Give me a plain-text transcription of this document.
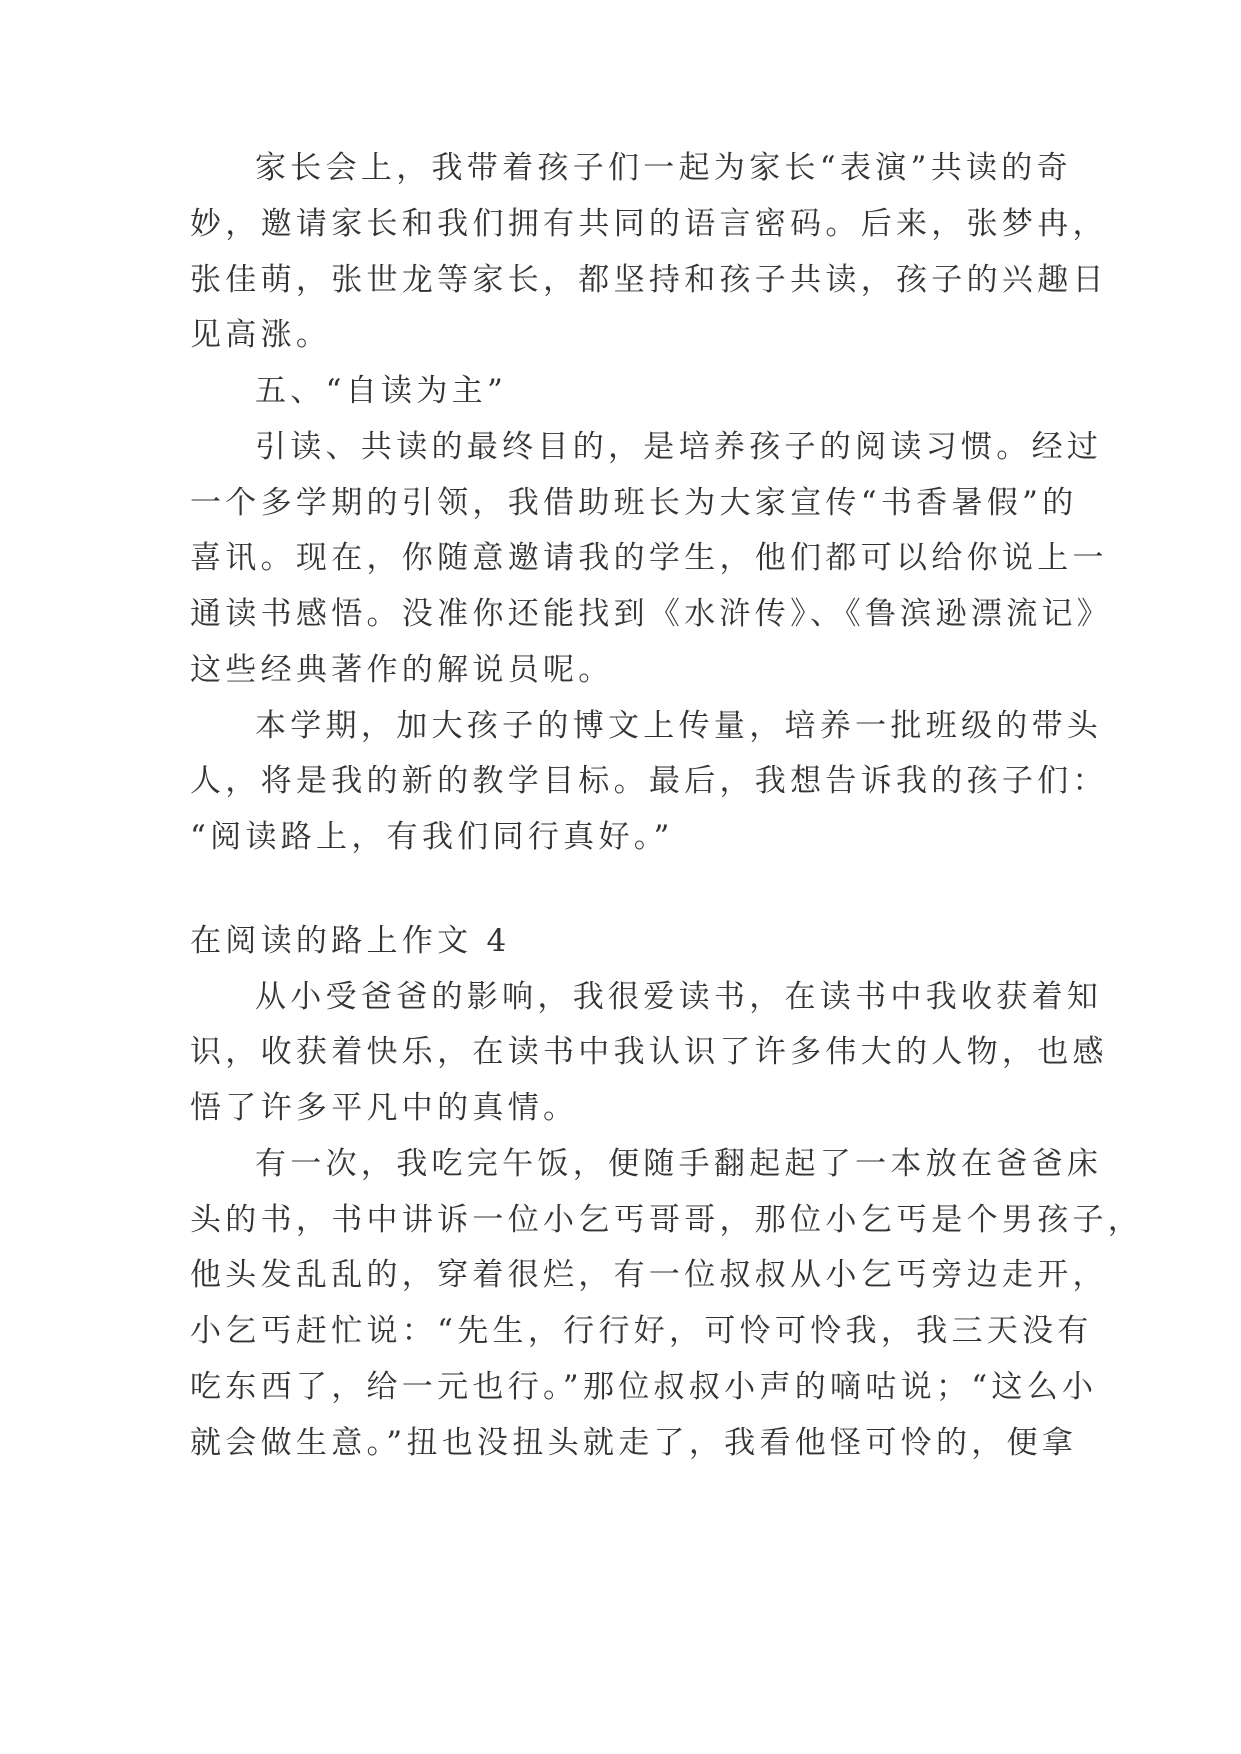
家长会上，我带着孩子们一起为家长“表演”共读的奇
妙，邀请家长和我们拥有共同的语言密码。后来，张梦冉，
张佳萌，张世龙等家长，都坚持和孩子共读，孩子的兴趣日
见高涨。
五、“自读为主”
引读、共读的最终目的，是培养孩子的阅读习惯。经过
一个多学期的引领，我借助班长为大家宣传“书香暑假”的
喜讯。现在，你随意邀请我的学生，他们都可以给你说上一
通读书感悟。没准你还能找到《水浒传》、《鲁滨逊漂流记》
这些经典著作的解说员呢。
本学期，加大孩子的博文上传量，培养一批班级的带头
人，将是我的新的教学目标。最后，我想告诉我的孩子们：
“阅读路上，有我们同行真好。”
在阅读的路上作文 4
从小受爸爸的影响，我很爱读书，在读书中我收获着知
识，收获着快乐，在读书中我认识了许多伟大的人物，也感
悟了许多平凡中的真情。
有一次，我吃完午饭，便随手翻起起了一本放在爸爸床
头的书，书中讲诉一位小乞丐哥哥，那位小乞丐是个男孩子，
他头发乱乱的，穿着很烂，有一位叔叔从小乞丐旁边走开，
小乞丐赶忙说：“先生，行行好，可怜可怜我，我三天没有
吃东西了，给一元也行。”那位叔叔小声的嘀咕说；“这么小
就会做生意。”扭也没扭头就走了，我看他怪可怜的，便拿
